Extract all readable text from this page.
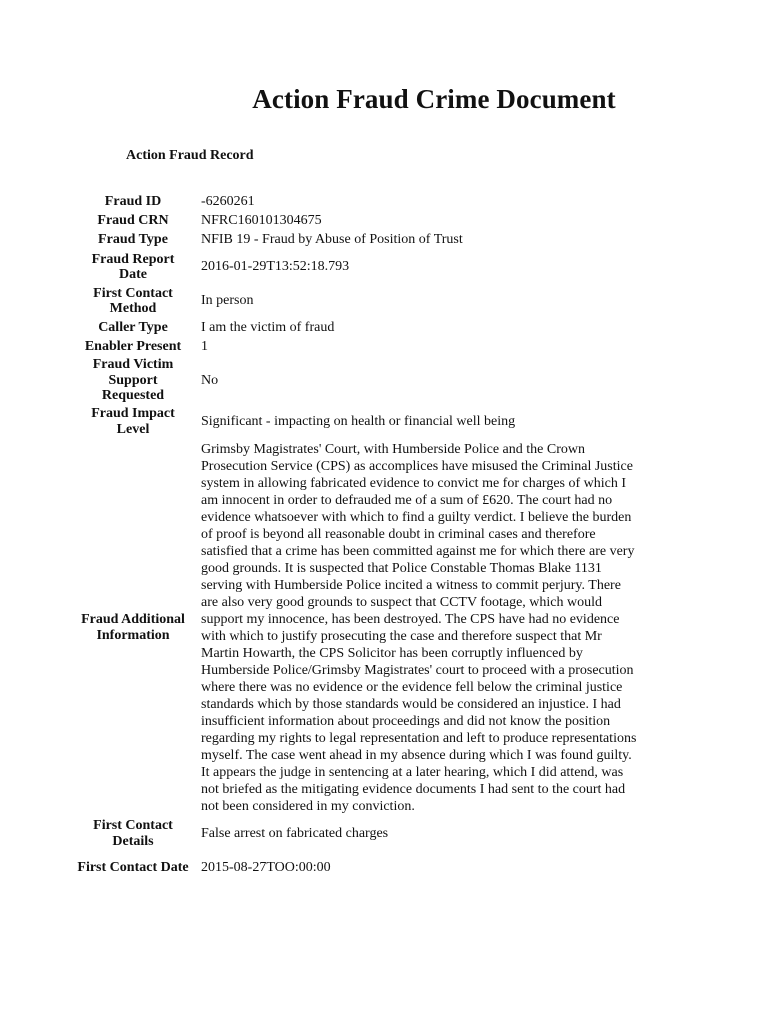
Action Fraud Crime Document
Action Fraud Record
Fraud ID	-6260261
Fraud CRN	NFRC160101304675
Fraud Type	NFIB 19 - Fraud by Abuse of Position of Trust
Fraud Report Date	2016-01-29T13:52:18.793
First Contact Method	In person
Caller Type	I am the victim of fraud
Enabler Present	1
Fraud Victim Support Requested	No
Fraud Impact Level	Significant - impacting on health or financial well being
Fraud Additional Information	Grimsby Magistrates' Court, with Humberside Police and the Crown Prosecution Service (CPS) as accomplices have misused the Criminal Justice system in allowing fabricated evidence to convict me for charges of which I am innocent in order to defrauded me of a sum of £620. The court had no evidence whatsoever with which to find a guilty verdict. I believe the burden of proof is beyond all reasonable doubt in criminal cases and therefore satisfied that a crime has been committed against me for which there are very good grounds. It is suspected that Police Constable Thomas Blake 1131 serving with Humberside Police incited a witness to commit perjury. There are also very good grounds to suspect that CCTV footage, which would support my innocence, has been destroyed. The CPS have had no evidence with which to justify prosecuting the case and therefore suspect that Mr Martin Howarth, the CPS Solicitor has been corruptly influenced by Humberside Police/Grimsby Magistrates' court to proceed with a prosecution where there was no evidence or the evidence fell below the criminal justice standards which by those standards would be considered an injustice. I had insufficient information about proceedings and did not know the position regarding my rights to legal representation and left to produce representations myself. The case went ahead in my absence during which I was found guilty. It appears the judge in sentencing at a later hearing, which I did attend, was not briefed as the mitigating evidence documents I had sent to the court had not been considered in my conviction.
First Contact Details	False arrest on fabricated charges
First Contact Date	2015-08-27TOO:00:00
